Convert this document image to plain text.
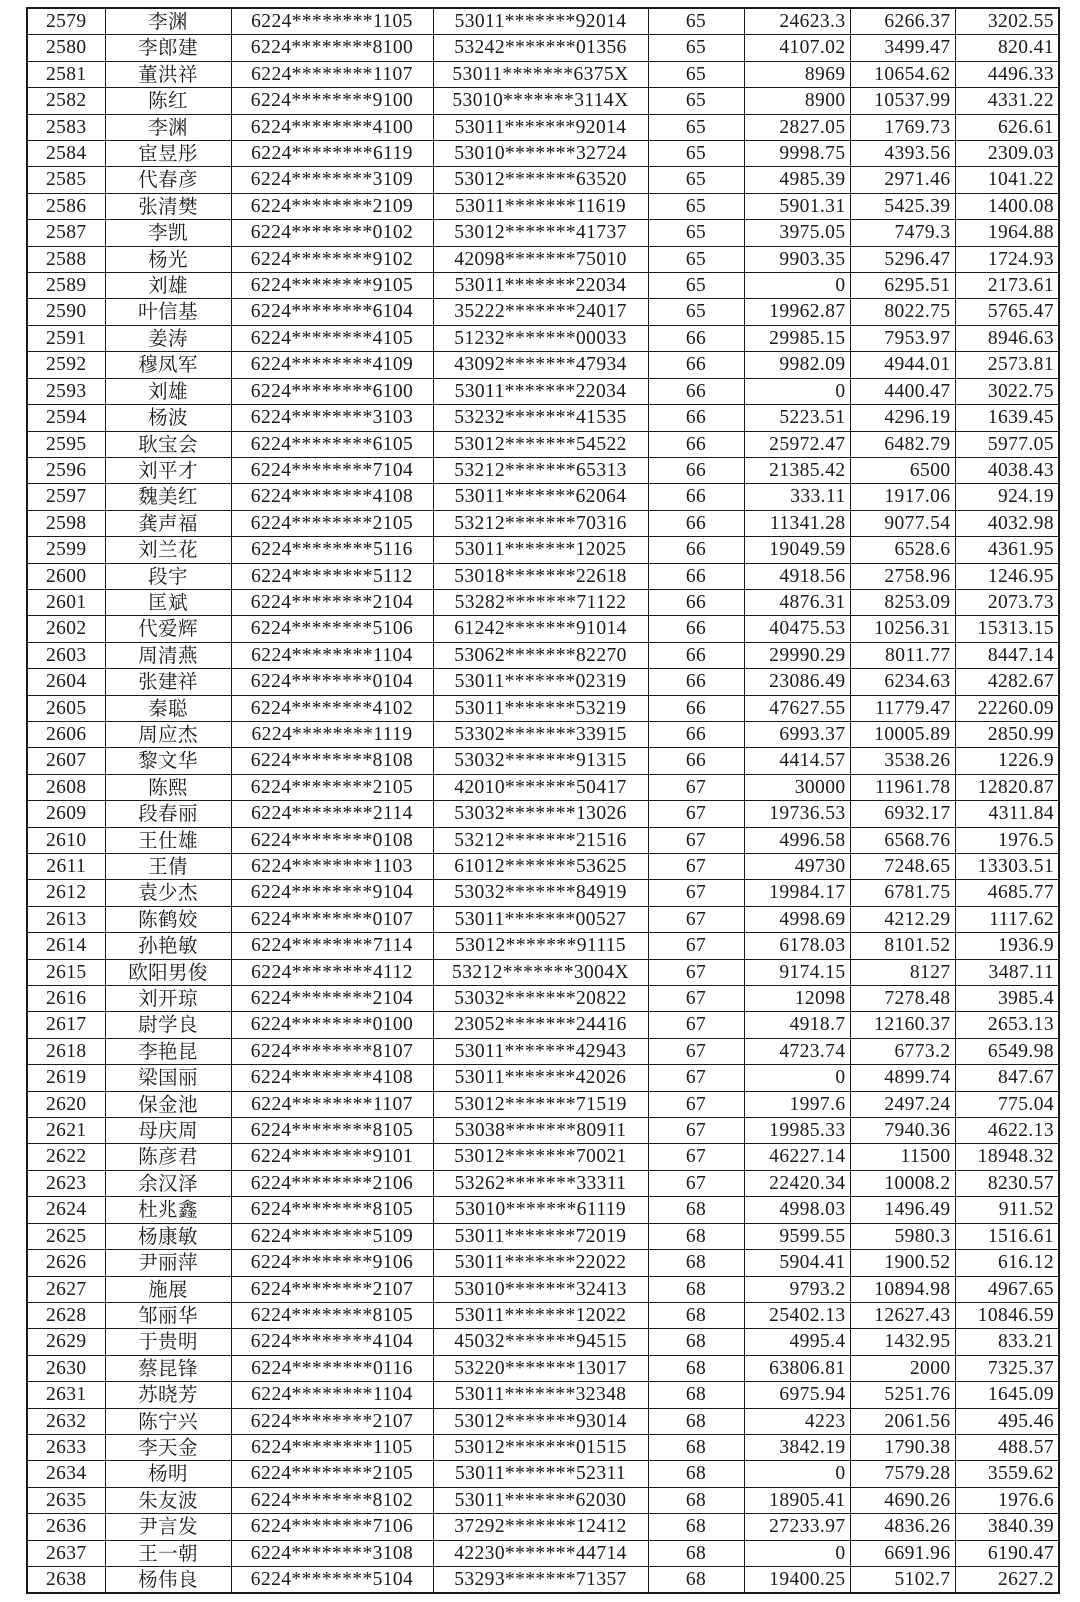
2579	李渊	6224********1105	53011*******92014	65	24623.3	6266.37	3202.55
2580	李郎建	6224********8100	53242*******01356	65	4107.02	3499.47	820.41
2581	董洪祥	6224********1107	53011*******6375X	65	8969	10654.62	4496.33
2582	陈红	6224********9100	53010*******3114X	65	8900	10537.99	4331.22
2583	李渊	6224********4100	53011*******92014	65	2827.05	1769.73	626.61
2584	宦昱彤	6224********6119	53010*******32724	65	9998.75	4393.56	2309.03
2585	代春彦	6224********3109	53012*******63520	65	4985.39	2971.46	1041.22
2586	张清樊	6224********2109	53011*******11619	65	5901.31	5425.39	1400.08
2587	李凯	6224********0102	53012*******41737	65	3975.05	7479.3	1964.88
2588	杨光	6224********9102	42098*******75010	65	9903.35	5296.47	1724.93
2589	刘雄	6224********9105	53011*******22034	65	0	6295.51	2173.61
2590	叶信基	6224********6104	35222*******24017	65	19962.87	8022.75	5765.47
2591	姜涛	6224********4105	51232*******00033	66	29985.15	7953.97	8946.63
2592	穆凤军	6224********4109	43092*******47934	66	9982.09	4944.01	2573.81
2593	刘雄	6224********6100	53011*******22034	66	0	4400.47	3022.75
2594	杨波	6224********3103	53232*******41535	66	5223.51	4296.19	1639.45
2595	耿宝会	6224********6105	53012*******54522	66	25972.47	6482.79	5977.05
2596	刘平才	6224********7104	53212*******65313	66	21385.42	6500	4038.43
2597	魏美红	6224********4108	53011*******62064	66	333.11	1917.06	924.19
2598	龚声福	6224********2105	53212*******70316	66	11341.28	9077.54	4032.98
2599	刘兰花	6224********5116	53011*******12025	66	19049.59	6528.6	4361.95
2600	段宇	6224********5112	53018*******22618	66	4918.56	2758.96	1246.95
2601	匡斌	6224********2104	53282*******71122	66	4876.31	8253.09	2073.73
2602	代爱辉	6224********5106	61242*******91014	66	40475.53	10256.31	15313.15
2603	周清燕	6224********1104	53062*******82270	66	29990.29	8011.77	8447.14
2604	张建祥	6224********0104	53011*******02319	66	23086.49	6234.63	4282.67
2605	秦聪	6224********4102	53011*******53219	66	47627.55	11779.47	22260.09
2606	周应杰	6224********1119	53302*******33915	66	6993.37	10005.89	2850.99
2607	黎文华	6224********8108	53032*******91315	66	4414.57	3538.26	1226.9
2608	陈熙	6224********2105	42010*******50417	67	30000	11961.78	12820.87
2609	段春丽	6224********2114	53032*******13026	67	19736.53	6932.17	4311.84
2610	王仕雄	6224********0108	53212*******21516	67	4996.58	6568.76	1976.5
2611	王倩	6224********1103	61012*******53625	67	49730	7248.65	13303.51
2612	袁少杰	6224********9104	53032*******84919	67	19984.17	6781.75	4685.77
2613	陈鹤姣	6224********0107	53011*******00527	67	4998.69	4212.29	1117.62
2614	孙艳敏	6224********7114	53012*******91115	67	6178.03	8101.52	1936.9
2615	欧阳男俊	6224********4112	53212*******3004X	67	9174.15	8127	3487.11
2616	刘开琼	6224********2104	53032*******20822	67	12098	7278.48	3985.4
2617	尉学良	6224********0100	23052*******24416	67	4918.7	12160.37	2653.13
2618	李艳昆	6224********8107	53011*******42943	67	4723.74	6773.2	6549.98
2619	梁国丽	6224********4108	53011*******42026	67	0	4899.74	847.67
2620	保金池	6224********1107	53012*******71519	67	1997.6	2497.24	775.04
2621	母庆周	6224********8105	53038*******80911	67	19985.33	7940.36	4622.13
2622	陈彦君	6224********9101	53012*******70021	67	46227.14	11500	18948.32
2623	余汉泽	6224********2106	53262*******33311	67	22420.34	10008.2	8230.57
2624	杜兆鑫	6224********8105	53010*******61119	68	4998.03	1496.49	911.52
2625	杨康敏	6224********5109	53011*******72019	68	9599.55	5980.3	1516.61
2626	尹丽萍	6224********9106	53011*******22022	68	5904.41	1900.52	616.12
2627	施展	6224********2107	53010*******32413	68	9793.2	10894.98	4967.65
2628	邹丽华	6224********8105	53011*******12022	68	25402.13	12627.43	10846.59
2629	于贵明	6224********4104	45032*******94515	68	4995.4	1432.95	833.21
2630	蔡昆锋	6224********0116	53220*******13017	68	63806.81	2000	7325.37
2631	苏晓芳	6224********1104	53011*******32348	68	6975.94	5251.76	1645.09
2632	陈宁兴	6224********2107	53012*******93014	68	4223	2061.56	495.46
2633	李天金	6224********1105	53012*******01515	68	3842.19	1790.38	488.57
2634	杨明	6224********2105	53011*******52311	68	0	7579.28	3559.62
2635	朱友波	6224********8102	53011*******62030	68	18905.41	4690.26	1976.6
2636	尹言发	6224********7106	37292*******12412	68	27233.97	4836.26	3840.39
2637	王一朝	6224********3108	42230*******44714	68	0	6691.96	6190.47
2638	杨伟良	6224********5104	53293*******71357	68	19400.25	5102.7	2627.2
